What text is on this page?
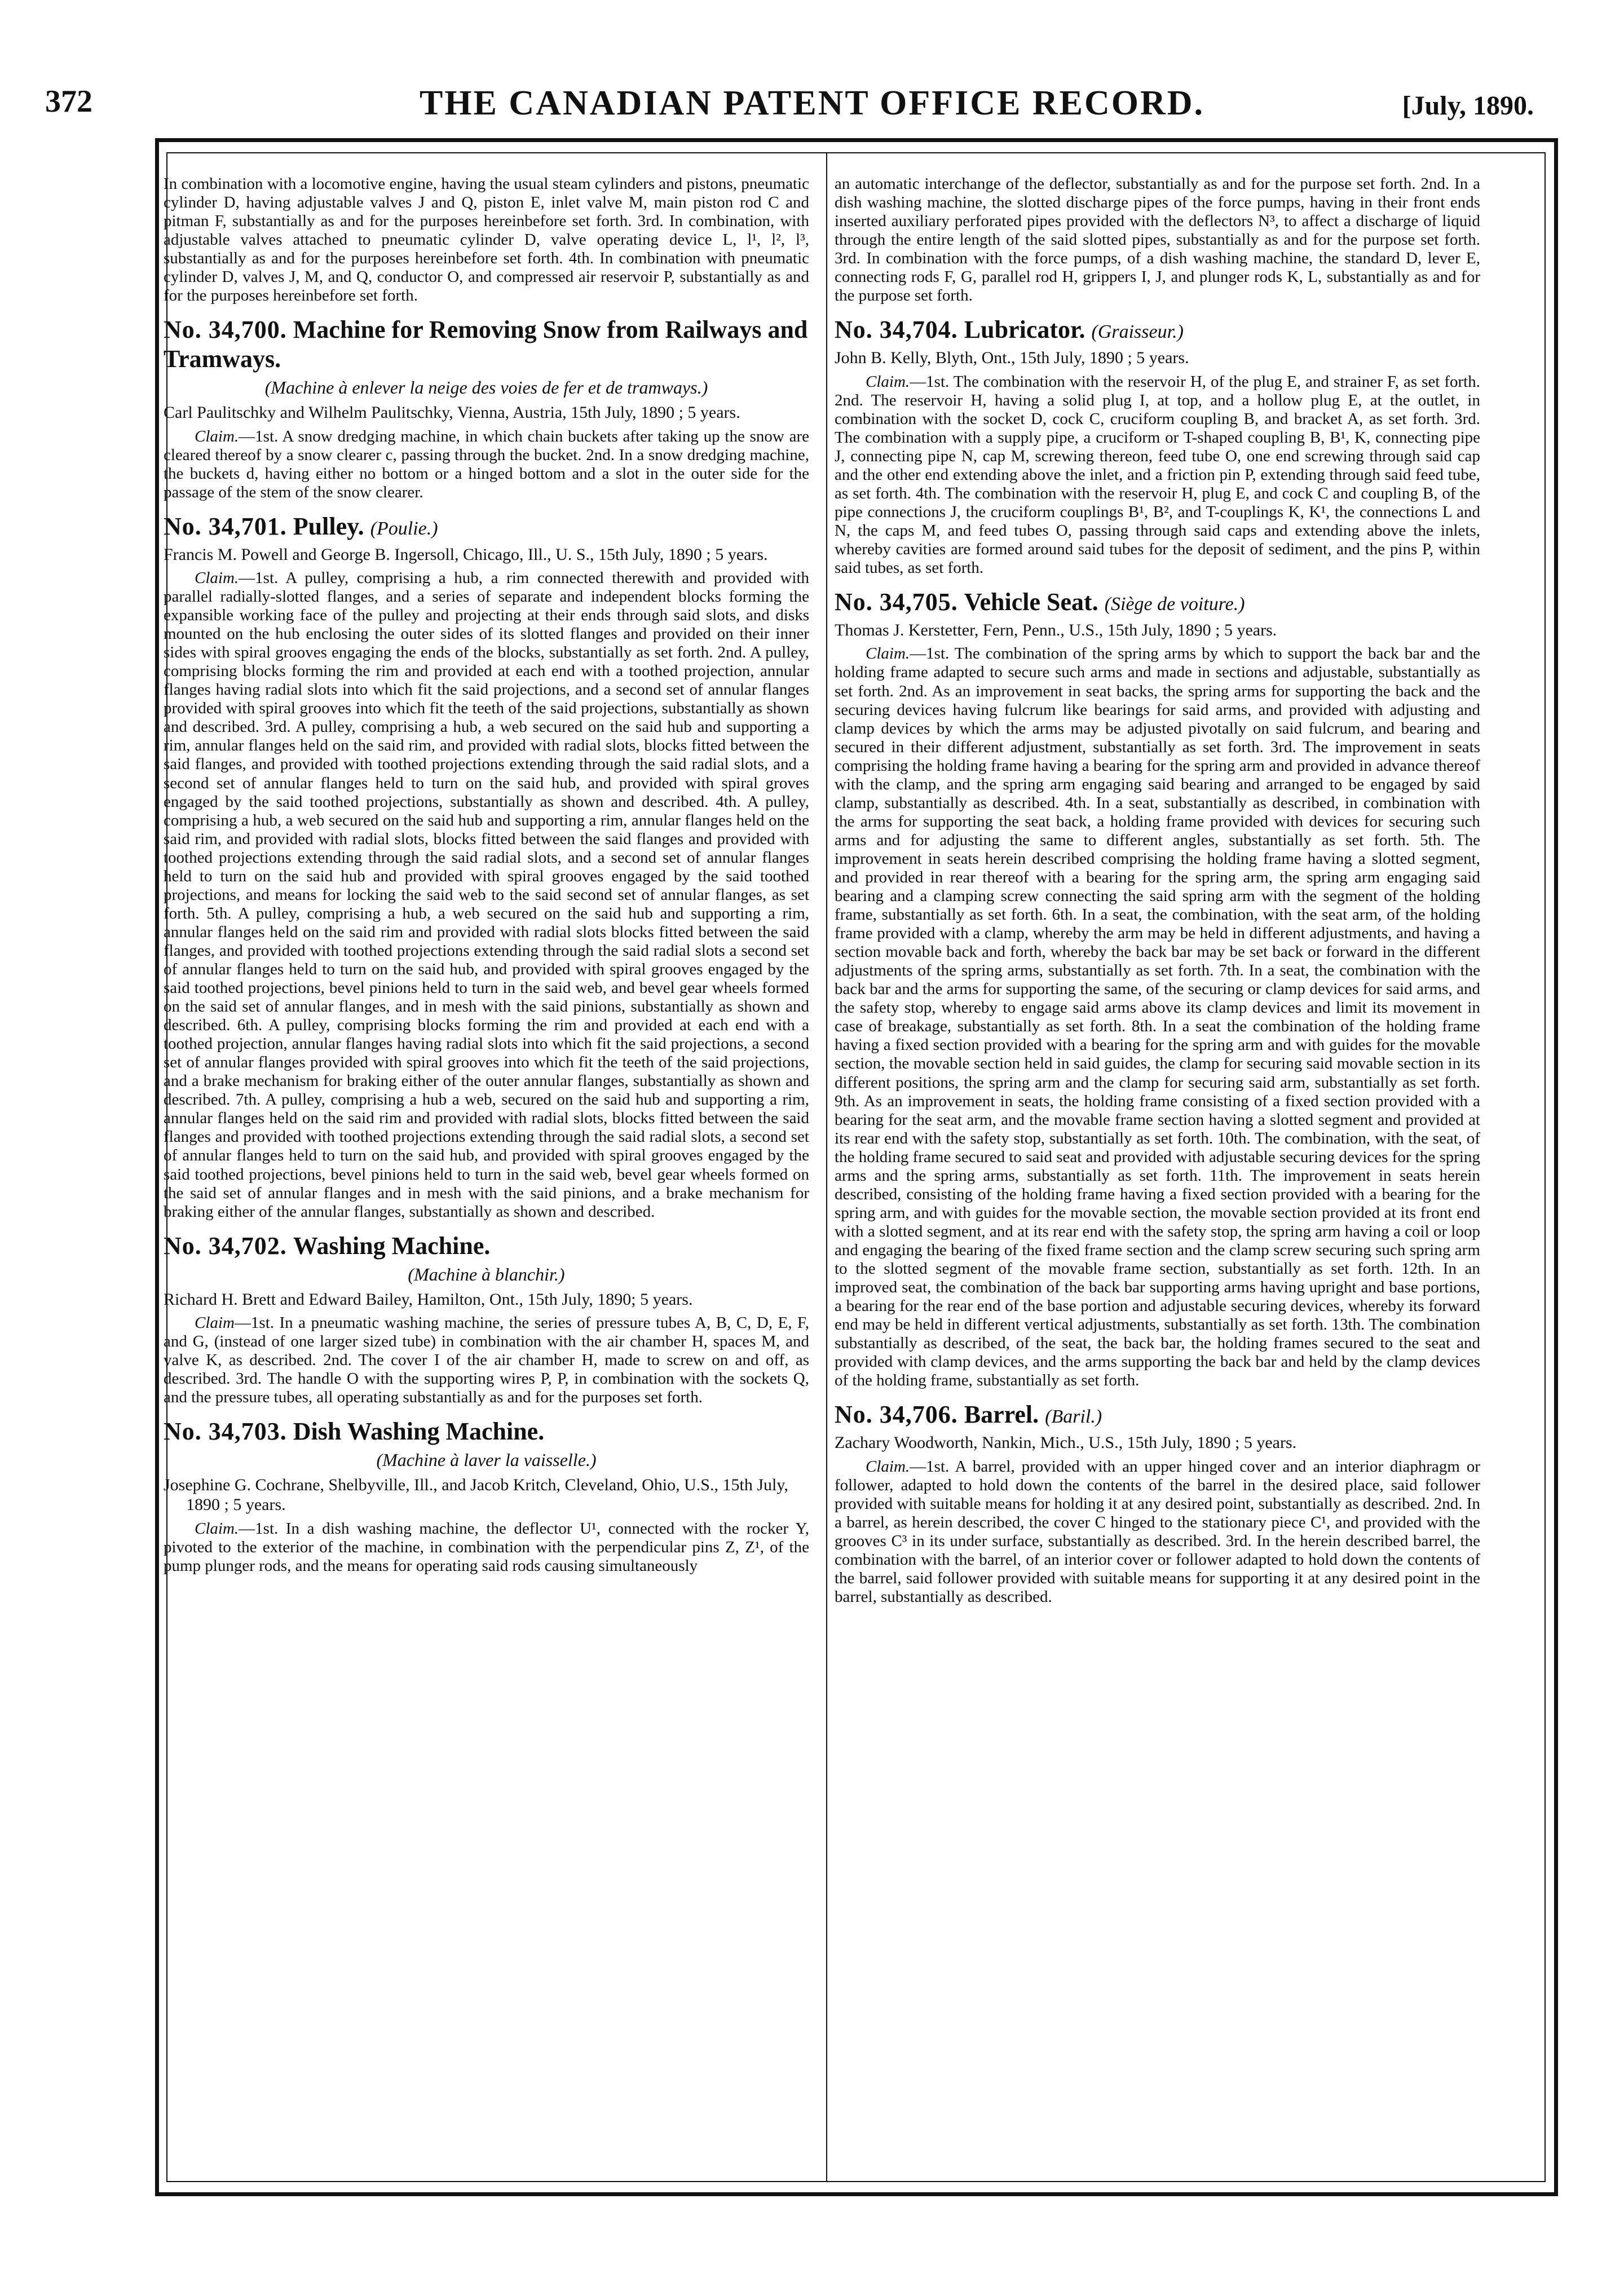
372	THE CANADIAN PATENT OFFICE RECORD.	[July, 1890.

In combination with a locomotive engine, having the usual steam cylinders and pistons, pneumatic cylinder D, having adjustable valves J and Q, piston E, inlet valve M, main piston rod C and pitman F, substantially as and for the purposes hereinbefore set forth. 3rd. In combination, with adjustable valves attached to pneumatic cylinder D, valve operating device L, l¹, l², l³, substantially as and for the purposes hereinbefore set forth. 4th. In combination with pneumatic cylinder D, valves J, M, and Q, conductor O, and compressed air reservoir P, substantially as and for the purposes hereinbefore set forth.

No. 34,700. Machine for Removing Snow from Railways and Tramways.
(Machine à enlever la neige des voies de fer et de tramways.)
Carl Paulitschky and Wilhelm Paulitschky, Vienna, Austria, 15th July, 1890 ; 5 years.

Claim.—1st. A snow dredging machine, in which chain buckets after taking up the snow are cleared thereof by a snow clearer c, passing through the bucket. 2nd. In a snow dredging machine, the buckets d, having either no bottom or a hinged bottom and a slot in the outer side for the passage of the stem of the snow clearer.

No. 34,701. Pulley. (Poulie.)
Francis M. Powell and George B. Ingersoll, Chicago, Ill., U. S., 15th July, 1890 ; 5 years.

Claim.—1st. A pulley, comprising a hub, a rim connected therewith and provided with parallel radially-slotted flanges, and a series of separate and independent blocks forming the expansible working face of the pulley and projecting at their ends through said slots, and disks mounted on the hub enclosing the outer sides of its slotted flanges and provided on their inner sides with spiral grooves engaging the ends of the blocks, substantially as set forth. 2nd. A pulley, comprising blocks forming the rim and provided at each end with a toothed projection, annular flanges having radial slots into which fit the said projections, and a second set of annular flanges provided with spiral grooves into which fit the teeth of the said projections, substantially as shown and described. 3rd. A pulley, comprising a hub, a web secured on the said hub and supporting a rim, annular flanges held on the said rim, and provided with radial slots, blocks fitted between the said flanges, and provided with toothed projections extending through the said radial slots, and a second set of annular flanges held to turn on the said hub, and provided with spiral groves engaged by the said toothed projections, substantially as shown and described. 4th. A pulley, comprising a hub, a web secured on the said hub and supporting a rim, annular flanges held on the said rim, and provided with radial slots, blocks fitted between the said flanges and provided with toothed projections extending through the said radial slots, and a second set of annular flanges held to turn on the said hub and provided with spiral grooves engaged by the said toothed projections, and means for locking the said web to the said second set of annular flanges, as set forth. 5th. A pulley, comprising a hub, a web secured on the said hub and supporting a rim, annular flanges held on the said rim and provided with radial slots blocks fitted between the said flanges, and provided with toothed projections extending through the said radial slots a second set of annular flanges held to turn on the said hub, and provided with spiral grooves engaged by the said toothed projections, bevel pinions held to turn in the said web, and bevel gear wheels formed on the said set of annular flanges, and in mesh with the said pinions, substantially as shown and described. 6th. A pulley, comprising blocks forming the rim and provided at each end with a toothed projection, annular flanges having radial slots into which fit the said projections, a second set of annular flanges provided with spiral grooves into which fit the teeth of the said projections, and a brake mechanism for braking either of the outer annular flanges, substantially as shown and described. 7th. A pulley, comprising a hub a web, secured on the said hub and supporting a rim, annular flanges held on the said rim and provided with radial slots, blocks fitted between the said flanges and provided with toothed projections extending through the said radial slots, a second set of annular flanges held to turn on the said hub, and provided with spiral grooves engaged by the said toothed projections, bevel pinions held to turn in the said web, bevel gear wheels formed on the said set of annular flanges and in mesh with the said pinions, and a brake mechanism for braking either of the annular flanges, substantially as shown and described.

No. 34,702. Washing Machine.
(Machine à blanchir.)
Richard H. Brett and Edward Bailey, Hamilton, Ont., 15th July, 1890; 5 years.

Claim—1st. In a pneumatic washing machine, the series of pressure tubes A, B, C, D, E, F, and G, (instead of one larger sized tube) in combination with the air chamber H, spaces M, and valve K, as described. 2nd. The cover I of the air chamber H, made to screw on and off, as described. 3rd. The handle O with the supporting wires P, P, in combination with the sockets Q, and the pressure tubes, all operating substantially as and for the purposes set forth.

No. 34,703. Dish Washing Machine.
(Machine à laver la vaisselle.)
Josephine G. Cochrane, Shelbyville, Ill., and Jacob Kritch, Cleveland, Ohio, U.S., 15th July, 1890 ; 5 years.

Claim.—1st. In a dish washing machine, the deflector U¹, connected with the rocker Y, pivoted to the exterior of the machine, in combination with the perpendicular pins Z, Z¹, of the pump plunger rods, and the means for operating said rods causing simultaneously

an automatic interchange of the deflector, substantially as and for the purpose set forth. 2nd. In a dish washing machine, the slotted discharge pipes of the force pumps, having in their front ends inserted auxiliary perforated pipes provided with the deflectors N³, to affect a discharge of liquid through the entire length of the said slotted pipes, substantially as and for the purpose set forth. 3rd. In combination with the force pumps, of a dish washing machine, the standard D, lever E, connecting rods F, G, parallel rod H, grippers I, J, and plunger rods K, L, substantially as and for the purpose set forth.

No. 34,704. Lubricator. (Graisseur.)
John B. Kelly, Blyth, Ont., 15th July, 1890 ; 5 years.

Claim.—1st. The combination with the reservoir H, of the plug E, and strainer F, as set forth. 2nd. The reservoir H, having a solid plug I, at top, and a hollow plug E, at the outlet, in combination with the socket D, cock C, cruciform coupling B, and bracket A, as set forth. 3rd. The combination with a supply pipe, a cruciform or T-shaped coupling B, B¹, K, connecting pipe J, connecting pipe N, cap M, screwing thereon, feed tube O, one end screwing through said cap and the other end extending above the inlet, and a friction pin P, extending through said feed tube, as set forth. 4th. The combination with the reservoir H, plug E, and cock C and coupling B, of the pipe connections J, the cruciform couplings B¹, B², and T-couplings K, K¹, the connections L and N, the caps M, and feed tubes O, passing through said caps and extending above the inlets, whereby cavities are formed around said tubes for the deposit of sediment, and the pins P, within said tubes, as set forth.

No. 34,705. Vehicle Seat. (Siège de voiture.)
Thomas J. Kerstetter, Fern, Penn., U.S., 15th July, 1890 ; 5 years.

Claim.—1st. The combination of the spring arms by which to support the back bar and the holding frame adapted to secure such arms and made in sections and adjustable, substantially as set forth. 2nd. As an improvement in seat backs, the spring arms for supporting the back and the securing devices having fulcrum like bearings for said arms, and provided with adjusting and clamp devices by which the arms may be adjusted pivotally on said fulcrum, and bearing and secured in their different adjustment, substantially as set forth. 3rd. The improvement in seats comprising the holding frame having a bearing for the spring arm and provided in advance thereof with the clamp, and the spring arm engaging said bearing and arranged to be engaged by said clamp, substantially as described. 4th. In a seat, substantially as described, in combination with the arms for supporting the seat back, a holding frame provided with devices for securing such arms and for adjusting the same to different angles, substantially as set forth. 5th. The improvement in seats herein described comprising the holding frame having a slotted segment, and provided in rear thereof with a bearing for the spring arm, the spring arm engaging said bearing and a clamping screw connecting the said spring arm with the segment of the holding frame, substantially as set forth. 6th. In a seat, the combination, with the seat arm, of the holding frame provided with a clamp, whereby the arm may be held in different adjustments, and having a section movable back and forth, whereby the back bar may be set back or forward in the different adjustments of the spring arms, substantially as set forth. 7th. In a seat, the combination with the back bar and the arms for supporting the same, of the securing or clamp devices for said arms, and the safety stop, whereby to engage said arms above its clamp devices and limit its movement in case of breakage, substantially as set forth. 8th. In a seat the combination of the holding frame having a fixed section provided with a bearing for the spring arm and with guides for the movable section, the movable section held in said guides, the clamp for securing said movable section in its different positions, the spring arm and the clamp for securing said arm, substantially as set forth. 9th. As an improvement in seats, the holding frame consisting of a fixed section provided with a bearing for the seat arm, and the movable frame section having a slotted segment and provided at its rear end with the safety stop, substantially as set forth. 10th. The combination, with the seat, of the holding frame secured to said seat and provided with adjustable securing devices for the spring arms and the spring arms, substantially as set forth. 11th. The improvement in seats herein described, consisting of the holding frame having a fixed section provided with a bearing for the spring arm, and with guides for the movable section, the movable section provided at its front end with a slotted segment, and at its rear end with the safety stop, the spring arm having a coil or loop and engaging the bearing of the fixed frame section and the clamp screw securing such spring arm to the slotted segment of the movable frame section, substantially as set forth. 12th. In an improved seat, the combination of the back bar supporting arms having upright and base portions, a bearing for the rear end of the base portion and adjustable securing devices, whereby its forward end may be held in different vertical adjustments, substantially as set forth. 13th. The combination substantially as described, of the seat, the back bar, the holding frames secured to the seat and provided with clamp devices, and the arms supporting the back bar and held by the clamp devices of the holding frame, substantially as set forth.

No. 34,706. Barrel. (Baril.)
Zachary Woodworth, Nankin, Mich., U.S., 15th July, 1890 ; 5 years.

Claim.—1st. A barrel, provided with an upper hinged cover and an interior diaphragm or follower, adapted to hold down the contents of the barrel in the desired place, said follower provided with suitable means for holding it at any desired point, substantially as described. 2nd. In a barrel, as herein described, the cover C hinged to the stationary piece C¹, and provided with the grooves C³ in its under surface, substantially as described. 3rd. In the herein described barrel, the combination with the barrel, of an interior cover or follower adapted to hold down the contents of the barrel, said follower provided with suitable means for supporting it at any desired point in the barrel, substantially as described.
